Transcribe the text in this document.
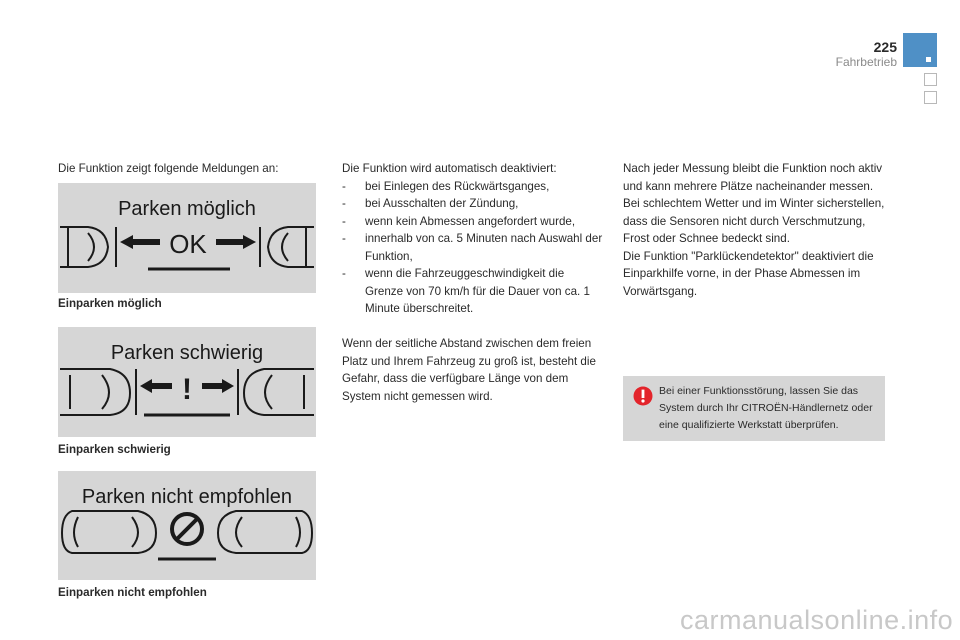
225
Fahrbetrieb
Die Funktion zeigt folgende Meldungen an:
Parken möglich
OK
Einparken möglich
Parken schwierig
!
Einparken schwierig
Parken nicht empfohlen
Einparken nicht empfohlen
Die Funktion wird automatisch deaktiviert:
- bei Einlegen des Rückwärtsganges,
- bei Ausschalten der Zündung,
- wenn kein Abmessen angefordert wurde,
- innerhalb von ca. 5 Minuten nach Auswahl der Funktion,
- wenn die Fahrzeuggeschwindigkeit die Grenze von 70 km/h für die Dauer von ca. 1 Minute überschreitet.
Wenn der seitliche Abstand zwischen dem freien Platz und Ihrem Fahrzeug zu groß ist, besteht die Gefahr, dass die verfügbare Länge von dem System nicht gemessen wird.
Nach jeder Messung bleibt die Funktion noch aktiv und kann mehrere Plätze nacheinander messen.
Bei schlechtem Wetter und im Winter sicherstellen, dass die Sensoren nicht durch Verschmutzung, Frost oder Schnee bedeckt sind.
Die Funktion "Parklückendetektor" deaktiviert die Einparkhilfe vorne, in der Phase Abmessen im Vorwärtsgang.
Bei einer Funktionsstörung, lassen Sie das System durch Ihr CITROËN-Händlernetz oder eine qualifizierte Werkstatt überprüfen.
carmanualsonline.info
